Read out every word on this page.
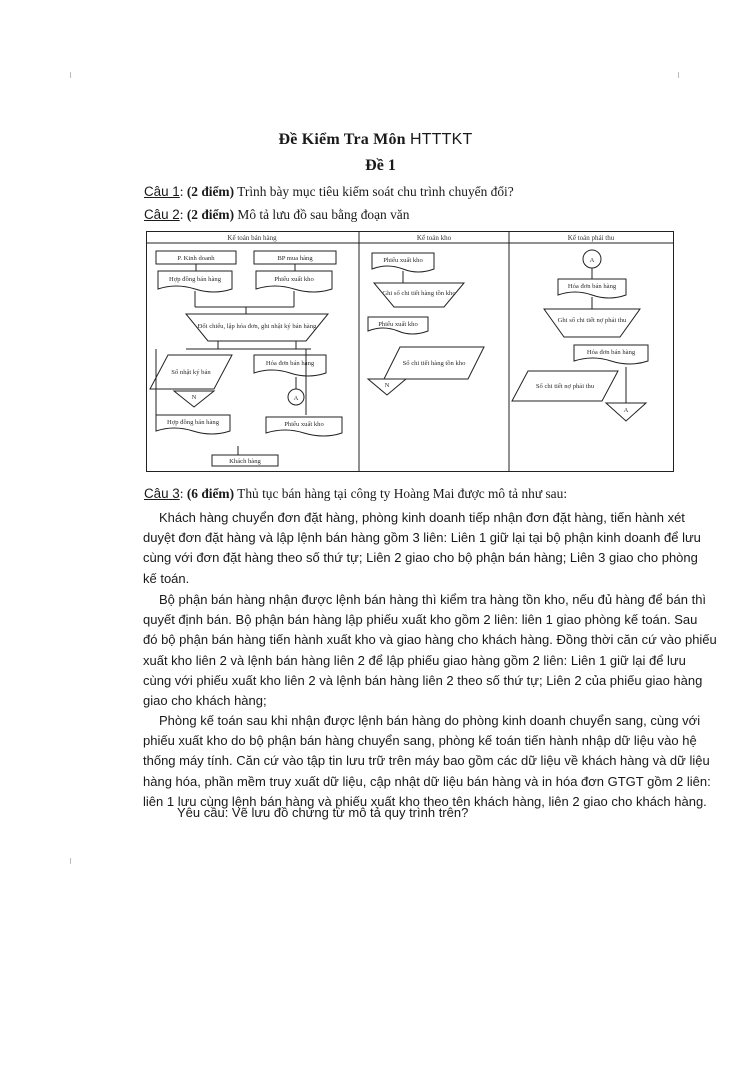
Đề Kiểm Tra Môn HTTTKT
Đề 1
Câu 1: (2 điểm) Trình bày mục tiêu kiểm soát chu trình chuyển đổi?
Câu 2: (2 điểm) Mô tả lưu đồ sau bằng đoạn văn
Kế toán bán hàng	Kế toán kho	Kế toán phải thu
P. Kinh doanh	BP mua hàng
Hợp đồng bán hàng	Phiếu xuất kho
Đối chiếu, lập hóa đơn, ghi nhật ký bán hàng
Sổ nhật ký bán
Hóa đơn bán hàng
N	A
Hợp đồng bán hàng	Phiếu xuất kho
Khách hàng
Phiếu xuất kho
Ghi sổ chi tiết hàng tồn kho
Phiếu xuất kho
Sổ chi tiết hàng tồn kho
N
A
Hóa đơn bán hàng
Ghi sổ chi tiết nợ phải thu
Hóa đơn bán hàng
Sổ chi tiết nợ phải thu
A
Câu 3: (6 điểm) Thủ tục bán hàng tại công ty Hoàng Mai được mô tả như sau:
Khách hàng chuyển đơn đặt hàng, phòng kinh doanh tiếp nhận đơn đặt hàng, tiến hành xét
duyệt đơn đặt hàng và lập lệnh bán hàng gồm 3 liên: Liên 1 giữ lại tại bộ phận kinh doanh để lưu
cùng với đơn đặt hàng theo số thứ tự; Liên 2 giao cho bộ phận bán hàng; Liên 3 giao cho phòng
kế toán.
Bộ phận bán hàng nhận được lệnh bán hàng thì kiểm tra hàng tồn kho, nếu đủ hàng để bán thì
quyết định bán. Bộ phận bán hàng lập phiếu xuất kho gồm 2 liên: liên 1 giao phòng kế toán. Sau
đó bộ phận bán hàng tiến hành xuất kho và giao hàng cho khách hàng. Đồng thời căn cứ vào phiếu
xuất kho liên 2 và lệnh bán hàng liên 2 để lập phiếu giao hàng gồm 2 liên: Liên 1 giữ lại để lưu
cùng với phiếu xuất kho liên 2 và lệnh bán hàng liên 2 theo số thứ tự; Liên 2 của phiếu giao hàng
giao cho khách hàng;
Phòng kế toán sau khi nhận được lệnh bán hàng do phòng kinh doanh chuyển sang, cùng với
phiếu xuất kho do bộ phận bán hàng chuyển sang, phòng kế toán tiến hành nhập dữ liệu vào hệ
thống máy tính. Căn cứ vào tập tin lưu trữ trên máy bao gồm các dữ liệu về khách hàng và dữ liệu
hàng hóa, phần mềm truy xuất dữ liệu, cập nhật dữ liệu bán hàng và in hóa đơn GTGT gồm 2 liên:
liên 1 lưu cùng lệnh bán hàng và phiếu xuất kho theo tên khách hàng, liên 2 giao cho khách hàng.
Yêu cầu: Vẽ lưu đồ chứng từ mô tả quy trình trên?
